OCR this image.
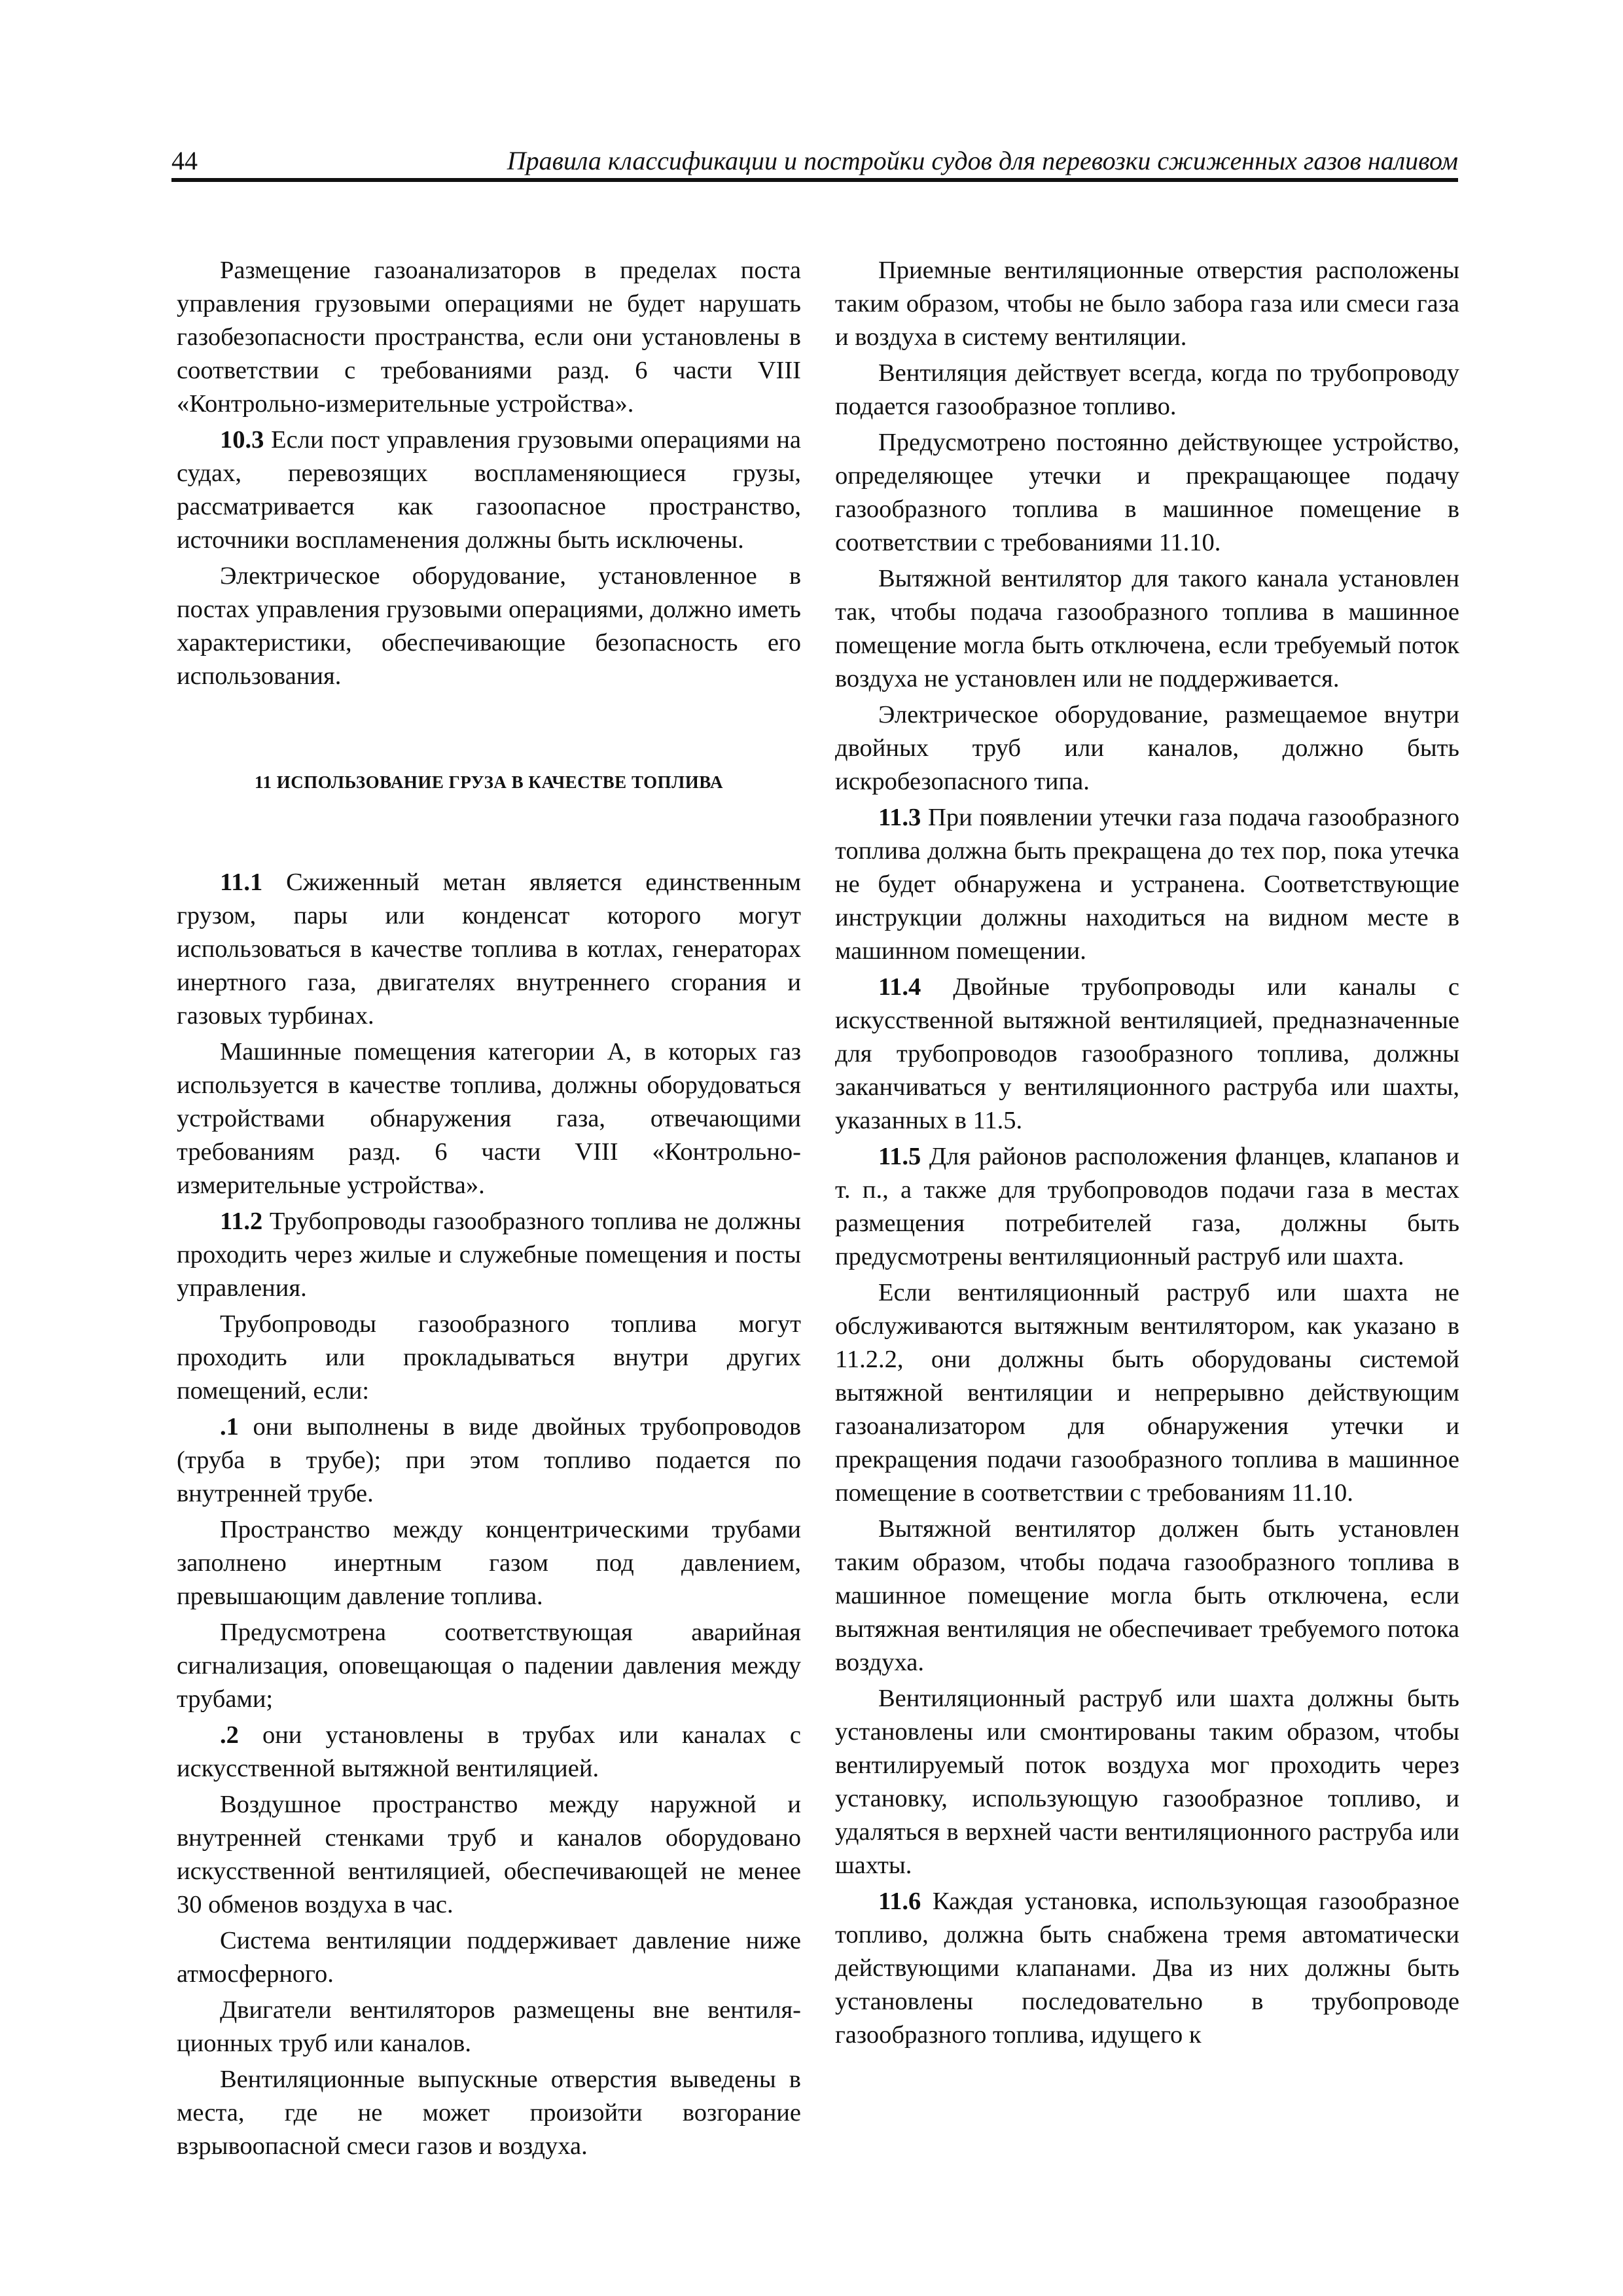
44	Правила классификации и постройки судов для перевозки сжиженных газов наливом

Размещение газоанализаторов в пределах поста управления грузовыми операциями не будет нарушать газобезопасности пространства, если они установлены в соответствии с требованиями разд. 6 части VIII «Контрольно-измерительные устройства».

10.3 Если пост управления грузовыми операциями на судах, перевозящих воспламеняющиеся грузы, рассматривается как газоопасное пространство, источники воспламенения должны быть исключены.

Электрическое оборудование, установленное в постах управления грузовыми операциями, должно иметь характеристики, обеспечивающие безопасность его использования.

11 ИСПОЛЬЗОВАНИЕ ГРУЗА В КАЧЕСТВЕ ТОПЛИВА

11.1 Сжиженный метан является единственным грузом, пары или конденсат которого могут использоваться в качестве топлива в котлах, генераторах инертного газа, двигателях внутреннего сгорания и газовых турбинах.

Машинные помещения категории А, в которых газ используется в качестве топлива, должны оборудоваться устройствами обнаружения газа, отвечающими требованиям разд. 6 части VIII «Контрольно-измерительные устройства».

11.2 Трубопроводы газообразного топлива не должны проходить через жилые и служебные помещения и посты управления.

Трубопроводы газообразного топлива могут проходить или прокладываться внутри других помещений, если:

.1 они выполнены в виде двойных трубопроводов (труба в трубе); при этом топливо подается по внутренней трубе.

Пространство между концентрическими трубами заполнено инертным газом под давлением, превышающим давление топлива.

Предусмотрена соответствующая аварийная сигнализация, оповещающая о падении давления между трубами;

.2 они установлены в трубах или каналах с искусственной вытяжной вентиляцией.

Воздушное пространство между наружной и внутренней стенками труб и каналов оборудовано искусственной вентиляцией, обеспечивающей не менее 30 обменов воздуха в час.

Система вентиляции поддерживает давление ниже атмосферного.

Двигатели вентиляторов размещены вне вентиляционных труб или каналов.

Вентиляционные выпускные отверстия выведены в места, где не может произойти возгорание взрывоопасной смеси газов и воздуха.

Приемные вентиляционные отверстия расположены таким образом, чтобы не было забора газа или смеси газа и воздуха в систему вентиляции.

Вентиляция действует всегда, когда по трубопроводу подается газообразное топливо.

Предусмотрено постоянно действующее устройство, определяющее утечки и прекращающее подачу газообразного топлива в машинное помещение в соответствии с требованиями 11.10.

Вытяжной вентилятор для такого канала установлен так, чтобы подача газообразного топлива в машинное помещение могла быть отключена, если требуемый поток воздуха не установлен или не поддерживается.

Электрическое оборудование, размещаемое внутри двойных труб или каналов, должно быть искробезопасного типа.

11.3 При появлении утечки газа подача газообразного топлива должна быть прекращена до тех пор, пока утечка не будет обнаружена и устранена. Соответствующие инструкции должны находиться на видном месте в машинном помещении.

11.4 Двойные трубопроводы или каналы с искусственной вытяжной вентиляцией, предназначенные для трубопроводов газообразного топлива, должны заканчиваться у вентиляционного раструба или шахты, указанных в 11.5.

11.5 Для районов расположения фланцев, клапанов и т. п., а также для трубопроводов подачи газа в местах размещения потребителей газа, должны быть предусмотрены вентиляционный раструб или шахта.

Если вентиляционный раструб или шахта не обслуживаются вытяжным вентилятором, как указано в 11.2.2, они должны быть оборудованы системой вытяжной вентиляции и непрерывно действующим газоанализатором для обнаружения утечки и прекращения подачи газообразного топлива в машинное помещение в соответствии с требованиям 11.10.

Вытяжной вентилятор должен быть установлен таким образом, чтобы подача газообразного топлива в машинное помещение могла быть отключена, если вытяжная вентиляция не обеспечивает требуемого потока воздуха.

Вентиляционный раструб или шахта должны быть установлены или смонтированы таким образом, чтобы вентилируемый поток воздуха мог проходить через установку, использующую газообразное топливо, и удаляться в верхней части вентиляционного раструба или шахты.

11.6 Каждая установка, использующая газообразное топливо, должна быть снабжена тремя автоматически действующими клапанами. Два из них должны быть установлены последовательно в трубопроводе газообразного топлива, идущего к
